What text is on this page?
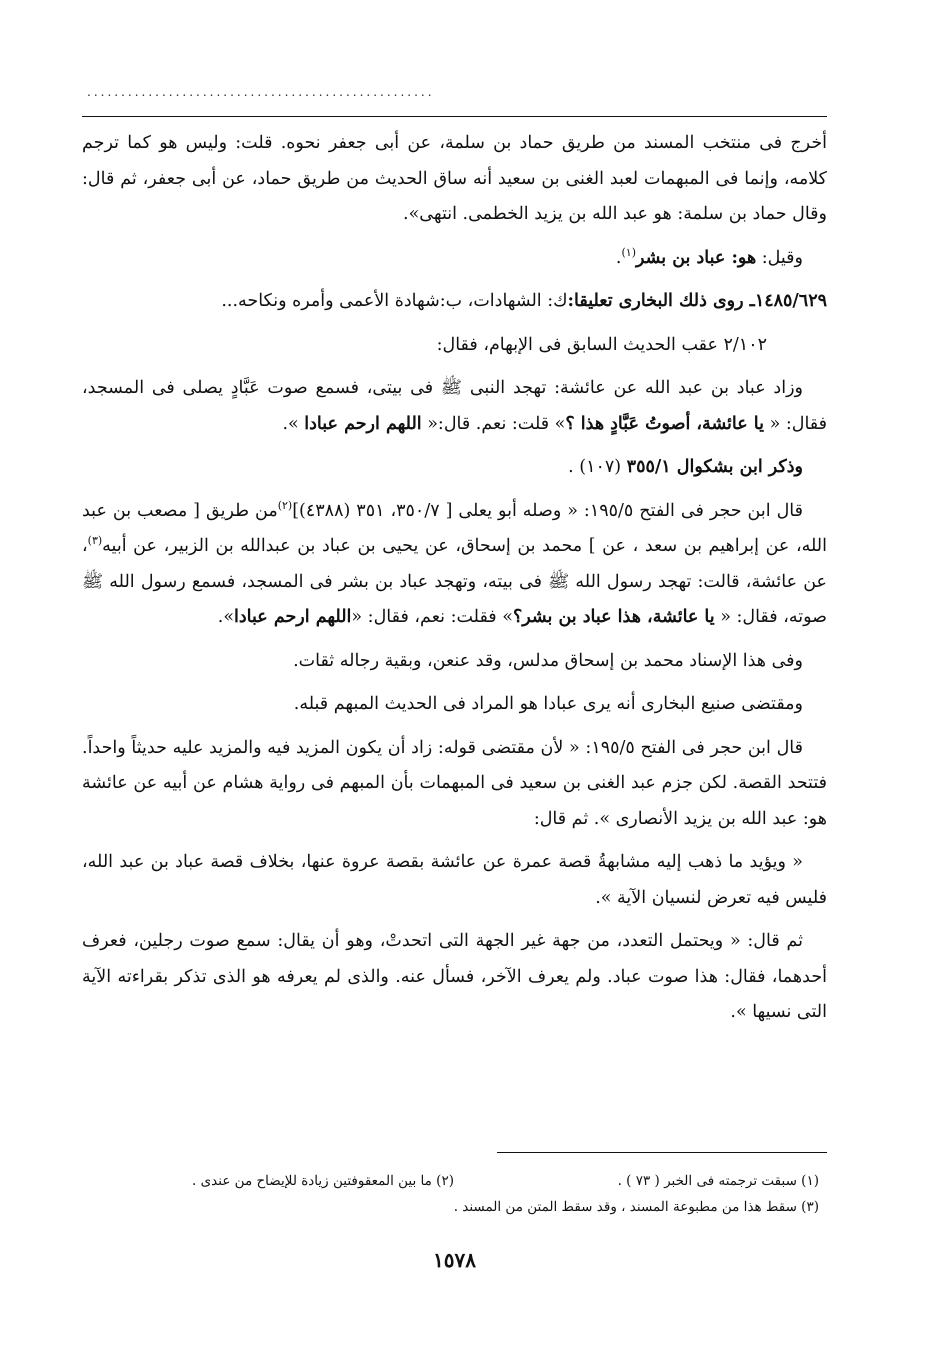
...................................................

أخرج فى منتخب المسند من طريق حماد بن سلمة، عن أبى جعفر نحوه. قلت: وليس هو كما ترجم كلامه، وإنما فى المبهمات لعبد الغنى بن سعيد أنه ساق الحديث من طريق حماد، عن أبى جعفر، ثم قال: وقال حماد بن سلمة: هو عبد الله بن يزيد الخطمى. انتهى».

وقيل: هو: عباد بن بشر$^{(١)}$.

١٤٨٥/٦٢٩ـ روى ذلك البخارى تعليقا:ك: الشهادات، ب:شهادة الأعمى وأمره ونكاحه...

٢/١٠٢ عقب الحديث السابق فى الإبهام، فقال:

وزاد عباد بن عبد الله عن عائشة: تهجد النبى ﷺ فى بيتى، فسمع صوت عَبَّادٍ يصلى فى المسجد، فقال: « يا عائشة، أصوتُ عَبَّادٍ هذا ؟» قلت: نعم. قال:« اللهم ارحم عبادا ».

وذكر ابن بشكوال ٣٥٥/١ (١٠٧) .

قال ابن حجر فى الفتح ١٩٥/٥: « وصله أبو يعلى [ ٣٥٠/٧، ٣٥١ (٤٣٨٨)]$^{(٢)}$من طريق [ مصعب بن عبد الله، عن إبراهيم بن سعد ، عن ] محمد بن إسحاق، عن يحيى بن عباد بن عبدالله بن الزبير، عن أبيه$^{(٣)}$، عن عائشة، قالت: تهجد رسول الله ﷺ فى بيته، وتهجد عباد بن بشر فى المسجد، فسمع رسول الله ﷺ صوته، فقال: « يا عائشة، هذا عباد بن بشر؟» فقلت: نعم، فقال: «اللهم ارحم عبادا».

وفى هذا الإسناد محمد بن إسحاق مدلس، وقد عنعن، وبقية رجاله ثقات.

ومقتضى صنيع البخارى أنه يرى عبادا هو المراد فى الحديث المبهم قبله.

قال ابن حجر فى الفتح ١٩٥/٥: « لأن مقتضى قوله: زاد أن يكون المزيد فيه والمزيد عليه حديثاً واحداً. فتتحد القصة. لكن جزم عبد الغنى بن سعيد فى المبهمات بأن المبهم فى رواية هشام عن أبيه عن عائشة هو: عبد الله بن يزيد الأنصارى ». ثم قال:

« ويؤيد ما ذهب إليه مشابهةُ قصة عمرة عن عائشة بقصة عروة عنها، بخلاف قصة عباد بن عبد الله، فليس فيه تعرض لنسيان الآية ».

ثم قال: « ويحتمل التعدد، من جهة غير الجهة التى اتحدتْ، وهو أن يقال: سمع صوت رجلين، فعرف أحدهما، فقال: هذا صوت عباد. ولم يعرف الآخر، فسأل عنه. والذى لم يعرفه هو الذى تذكر بقراءته الآية التى نسيها ».

(١) سبقت ترجمته فى الخبر ( ٧٣ ) .(٢) ما بين المعقوفتين زيادة للإيضاح من عندى .
(٣) سقط هذا من مطبوعة المسند ، وقد سقط المتن من المسند .
١٥٧٨
